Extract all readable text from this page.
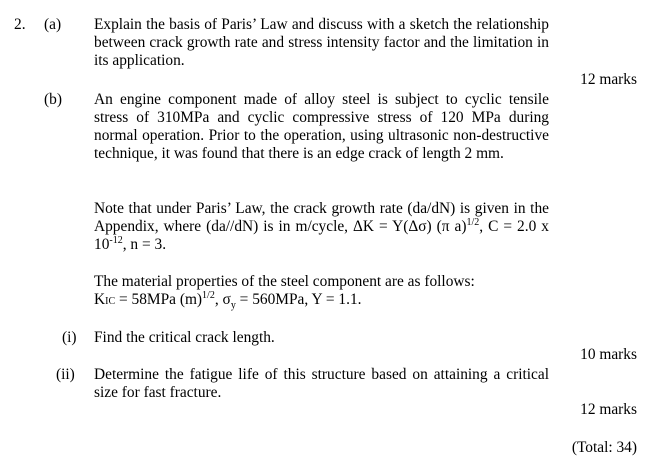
2. (a) Explain the basis of Paris’ Law and discuss with a sketch the relationship between crack growth rate and stress intensity factor and the limitation in its application.
12 marks
(b) An engine component made of alloy steel is subject to cyclic tensile stress of 310MPa and cyclic compressive stress of 120 MPa during normal operation. Prior to the operation, using ultrasonic non-destructive technique, it was found that there is an edge crack of length 2 mm.
Note that under Paris’ Law, the crack growth rate (da/dN) is given in the Appendix, where (da//dN) is in m/cycle, ΔK = Y(Δσ) (π a)$^{1/2}$, C = 2.0 x $10^{-12}$, n = 3.
The material properties of the steel component are as follows:
KIC = 58MPa $(m)^{1/2}$, $\sigma_y = 560MPa$, Y = 1.1.
(i) Find the critical crack length.
10 marks
(ii) Determine the fatigue life of this structure based on attaining a critical size for fast fracture.
12 marks
(Total: 34)
